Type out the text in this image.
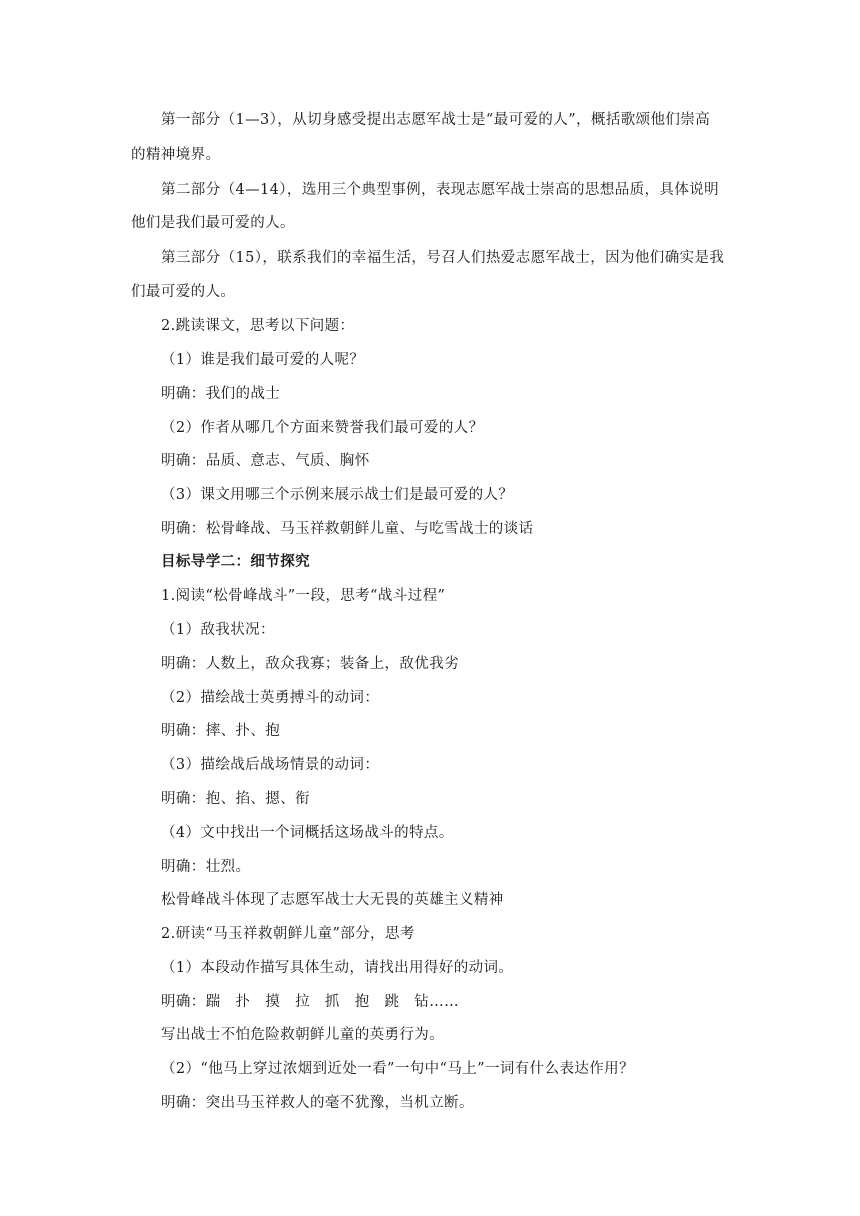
第一部分（1—3），从切身感受提出志愿军战士是“最可爱的人”，概括歌颂他们崇高
的精神境界。
第二部分（4—14），选用三个典型事例，表现志愿军战士崇高的思想品质，具体说明
他们是我们最可爱的人。
第三部分（15），联系我们的幸福生活，号召人们热爱志愿军战士，因为他们确实是我
们最可爱的人。
2.跳读课文，思考以下问题：
（1）谁是我们最可爱的人呢？
明确：我们的战士
（2）作者从哪几个方面来赞誉我们最可爱的人？
明确：品质、意志、气质、胸怀
（3）课文用哪三个示例来展示战士们是最可爱的人？
明确：松骨峰战、马玉祥救朝鲜儿童、与吃雪战士的谈话
目标导学二：细节探究
1.阅读“松骨峰战斗”一段，思考“战斗过程”
（1）敌我状况：
明确：人数上，敌众我寡；装备上，敌优我劣
（2）描绘战士英勇搏斗的动词：
明确：摔、扑、抱
（3）描绘战后战场情景的动词：
明确：抱、掐、摁、衔
（4）文中找出一个词概括这场战斗的特点。
明确：壮烈。
松骨峰战斗体现了志愿军战士大无畏的英雄主义精神
2.研读“马玉祥救朝鲜儿童”部分，思考
（1）本段动作描写具体生动，请找出用得好的动词。
明确：踹　扑　摸　拉　抓　抱　跳　钻……
写出战士不怕危险救朝鲜儿童的英勇行为。
（2）“他马上穿过浓烟到近处一看”一句中“马上”一词有什么表达作用？
明确：突出马玉祥救人的毫不犹豫，当机立断。
